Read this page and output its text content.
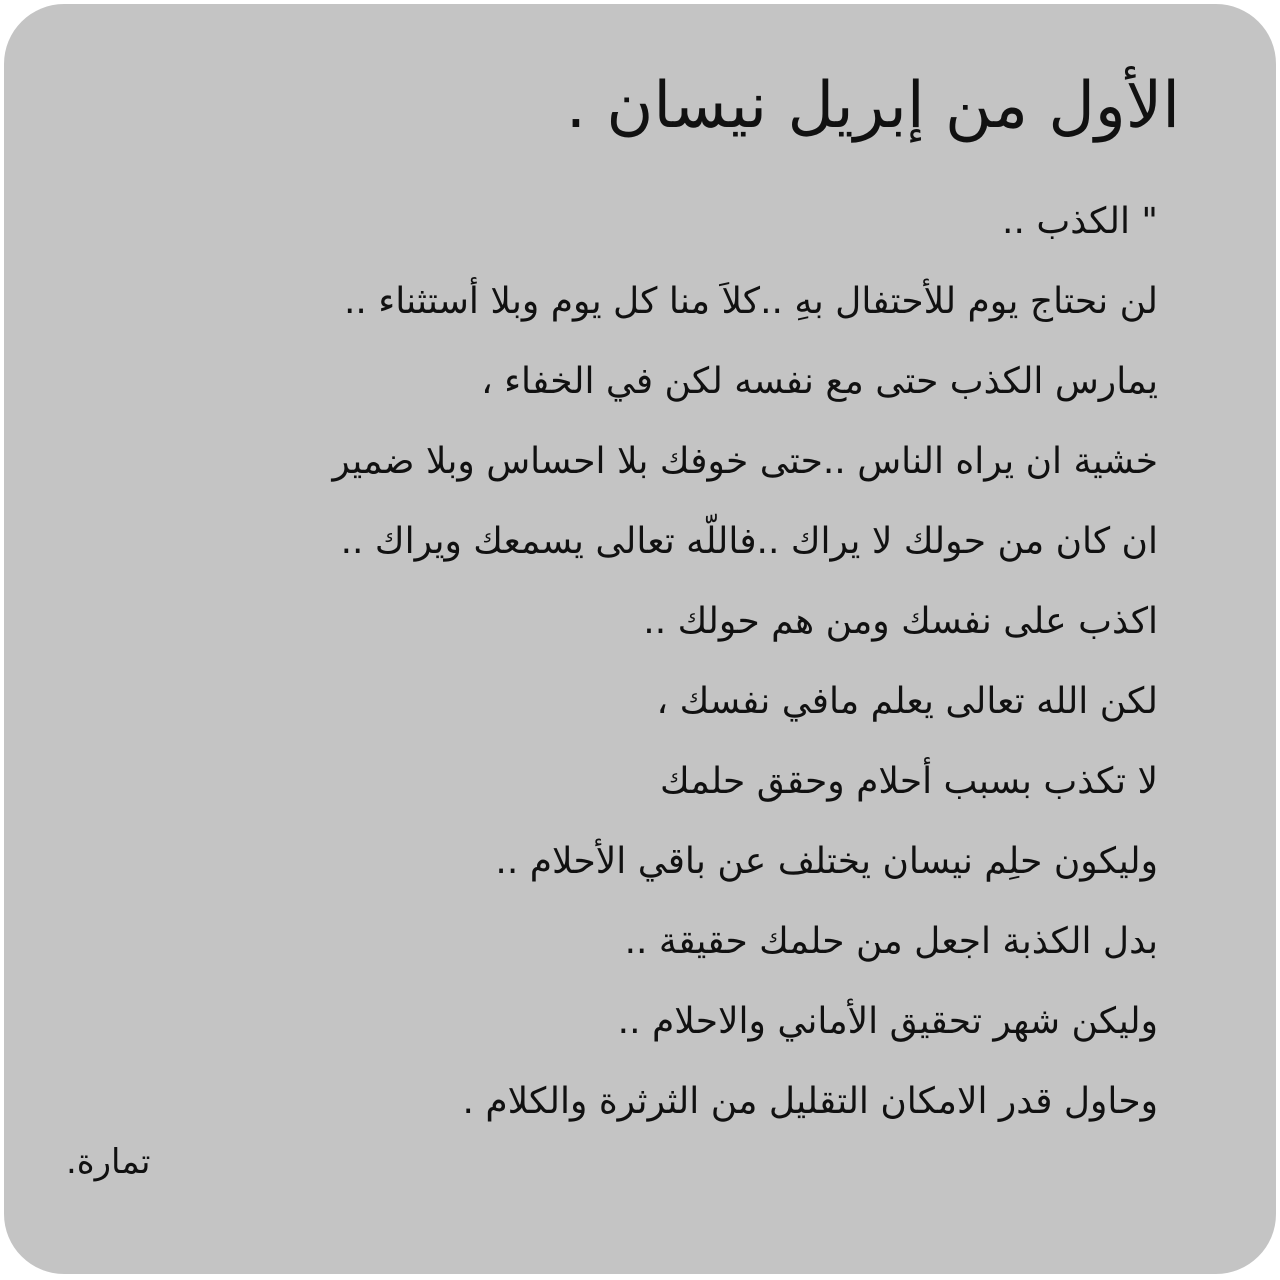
الأول من إبريل نيسان .
" الكذب ..
لن نحتاج يوم للأحتفال بهِ ..كلاَ منا كل يوم وبلا أستثناء ..
يمارس الكذب حتى مع نفسه لكن في الخفاء ،
خشية ان يراه الناس ..حتى خوفك بلا احساس وبلا ضمير
ان كان من حولك لا يراك ..فاللّه تعالى يسمعك ويراك ..
اكذب على نفسك ومن هم حولك ..
لكن الله تعالى يعلم مافي نفسك ،
لا تكذب بسبب أحلام وحقق حلمك
وليكون حلِم نيسان يختلف عن باقي الأحلام ..
بدل الكذبة اجعل من حلمك حقيقة ..
وليكن شهر تحقيق الأماني والاحلام ..
وحاول قدر الامكان التقليل من الثرثرة والكلام .
تمارة.
